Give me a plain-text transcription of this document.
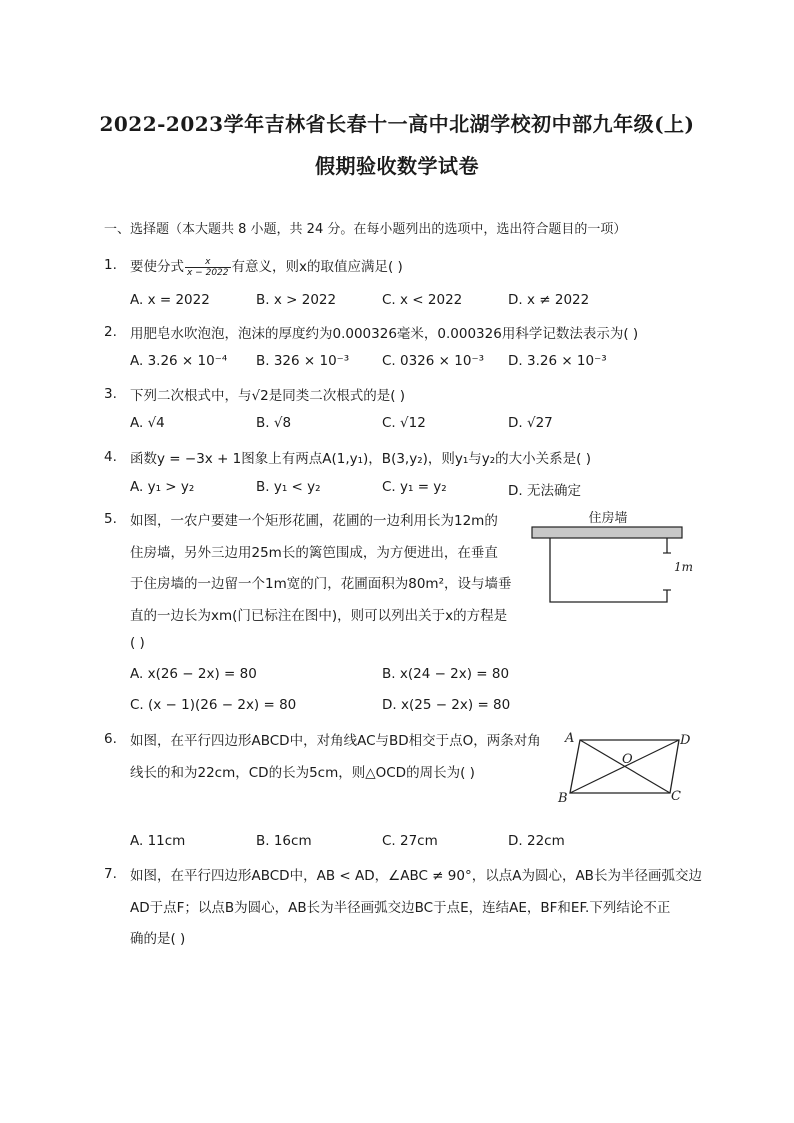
2022-2023学年吉林省长春十一高中北湖学校初中部九年级(上)
假期验收数学试卷
一、选择题（本大题共 8 小题，共 24 分。在每小题列出的选项中，选出符合题目的一项）
1. 要使分式 $\frac{x}{x - 2022}$ 有意义，则x的取值应满足( )
A. x = 2022	B. x > 2022	C. x < 2022	D. x ≠ 2022
2. 用肥皂水吹泡泡，泡沫的厚度约为0.000326毫米，0.000326用科学记数法表示为( )
A. 3.26 × 10⁻⁴ B. 326 × 10⁻³ C. 0326 × 10⁻³ D. 3.26 × 10⁻³
3. 下列二次根式中，与√2是同类二次根式的是( )
A. √4	B. √8	C. √12	D. √27
4. 函数y = −3x + 1图象上有两点A(1,y₁)，B(3,y₂)，则y₁与y₂的大小关系是( )
A. y₁ > y₂	B. y₁ < y₂	C. y₁ = y₂	D. 无法确定
5. 如图，一农户要建一个矩形花圃，花圃的一边利用长为12m的
住房墙，另外三边用25m长的篱笆围成，为方便进出，在垂直
于住房墙的一边留一个1m宽的门，花圃面积为80m²，设与墙垂
直的一边长为xm(门已标注在图中)，则可以列出关于x的方程是
( )
住房墙
1m
A. x(26 − 2x) = 80	B. x(24 − 2x) = 80
C. (x − 1)(26 − 2x) = 80	D. x(25 − 2x) = 80
6. 如图，在平行四边形ABCD中，对角线AC与BD相交于点O，两条对角
线长的和为22cm，CD的长为5cm，则△OCD的周长为( )
A	D
O
B	C
A. 11cm	B. 16cm	C. 27cm	D. 22cm
7. 如图，在平行四边形ABCD中，AB < AD，∠ABC ≠ 90°，以点A为圆心，AB长为半径画弧交边
AD于点F；以点B为圆心，AB长为半径画弧交边BC于点E，连结AE，BF和EF.下列结论不正
确的是( )
